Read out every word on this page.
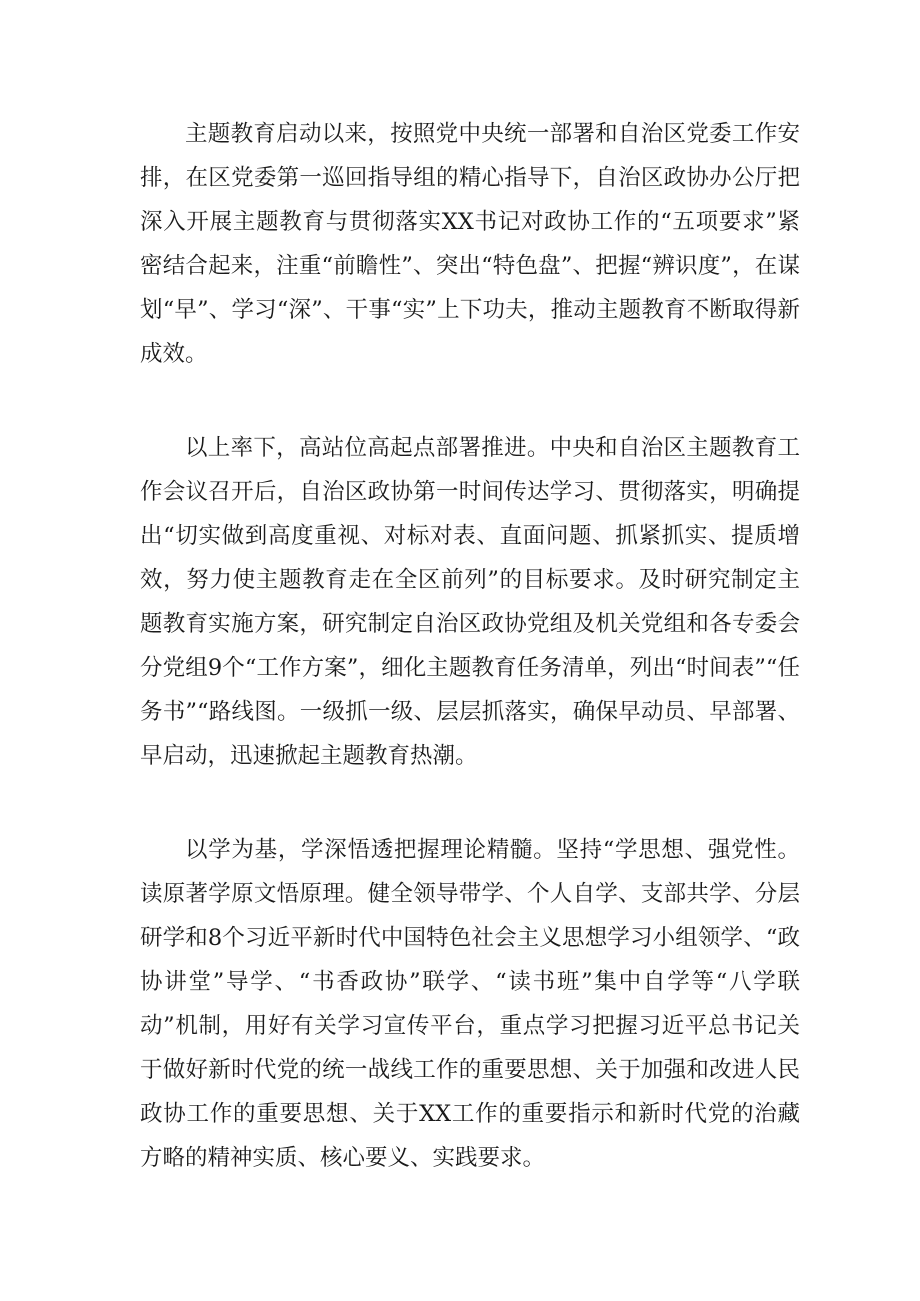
主题教育启动以来，按照党中央统一部署和自治区党委工作安排，在区党委第一巡回指导组的精心指导下，自治区政协办公厅把深入开展主题教育与贯彻落实XX书记对政协工作的“五项要求”紧密结合起来，注重“前瞻性”、突出“特色盘”、把握“辨识度”，在谋划“早”、学习“深”、干事“实”上下功夫，推动主题教育不断取得新成效。

以上率下，高站位高起点部署推进。中央和自治区主题教育工作会议召开后，自治区政协第一时间传达学习、贯彻落实，明确提出“切实做到高度重视、对标对表、直面问题、抓紧抓实、提质增效，努力使主题教育走在全区前列”的目标要求。及时研究制定主题教育实施方案，研究制定自治区政协党组及机关党组和各专委会分党组9个“工作方案”，细化主题教育任务清单，列出“时间表”“任务书”“路线图。一级抓一级、层层抓落实，确保早动员、早部署、早启动，迅速掀起主题教育热潮。

以学为基，学深悟透把握理论精髓。坚持“学思想、强党性。读原著学原文悟原理。健全领导带学、个人自学、支部共学、分层研学和8个习近平新时代中国特色社会主义思想学习小组领学、“政协讲堂”导学、“书香政协”联学、“读书班”集中自学等“八学联动”机制，用好有关学习宣传平台，重点学习把握习近平总书记关于做好新时代党的统一战线工作的重要思想、关于加强和改进人民政协工作的重要思想、关于XX工作的重要指示和新时代党的治藏方略的精神实质、核心要义、实践要求。
